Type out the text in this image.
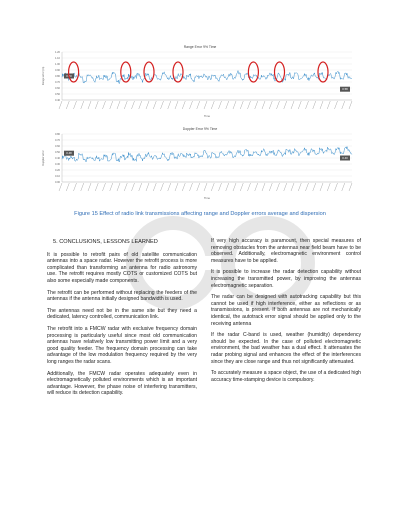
Range Error 9% Time
Range error (m)
1.20
1.10
1.00
0.90
0.80
0.70
0.60
0.50
0.40
Time
0.80
0.58
Doppler Error 9% Time
Doppler error
0.80
0.70
0.60
0.50
0.40
0.30
0.20
0.10
0.00
Time
0.48
0.40
Figure 15 Effect of radio link transmissions affecting range and Doppler errors average and dispersion
5. CONCLUSIONS, LESSONS LEARNED

It is possible to retrofit pairs of old satellite communication antennas into a space radar. However the retrofit process is more complicated than transforming an antenna for radio astronomy use. The retrofit requires mostly COTS or customized COTS but also some especially made components.

The retrofit can be performed without replacing the feeders of the antennas if the antenna initially designed bandwidth is used.

The antennas need not be in the same site but they need a dedicated, latency controlled, communication link.

The retrofit into a FMCW radar with exclusive frequency domain processing is particularly useful since most old communication antennas have relatively low transmitting power limit and a very good quality feeder. The frequency domain processing can take advantage of the low modulation frequency required by the very long ranges the radar scans.

Additionally, the FMCW radar operates adequately even in electromagnetically polluted environments which is an important advantage. However, the phase noise of interfering transmitters, will reduce its detection capability.

If very high accuracy is paramount, then special measures of removing obstacles from the antennas near field beam have to be observed. Additionally, electromagnetic environment control measures have to be applied.

It is possible to increase the radar detection capability without increasing the transmitted power, by improving the antennas electromagnetic separation.

The radar can be designed with autotracking capability but this cannot be used if high interference, either as reflections or as transmissions, is present. If both antennas are not mechanically identical, the autotrack error signal should be applied only to the receiving antenna

If the radar C-band is used, weather (humidity) dependency should be expected. In the case of polluted electromagnetic environment, the bad weather has a dual effect. It attenuates the radar probing signal and enhances the effect of the interferences since they are close range and thus not significantly attenuated.

To accurately measure a space object, the use of a dedicated high accuracy time-stamping device is compulsory.
